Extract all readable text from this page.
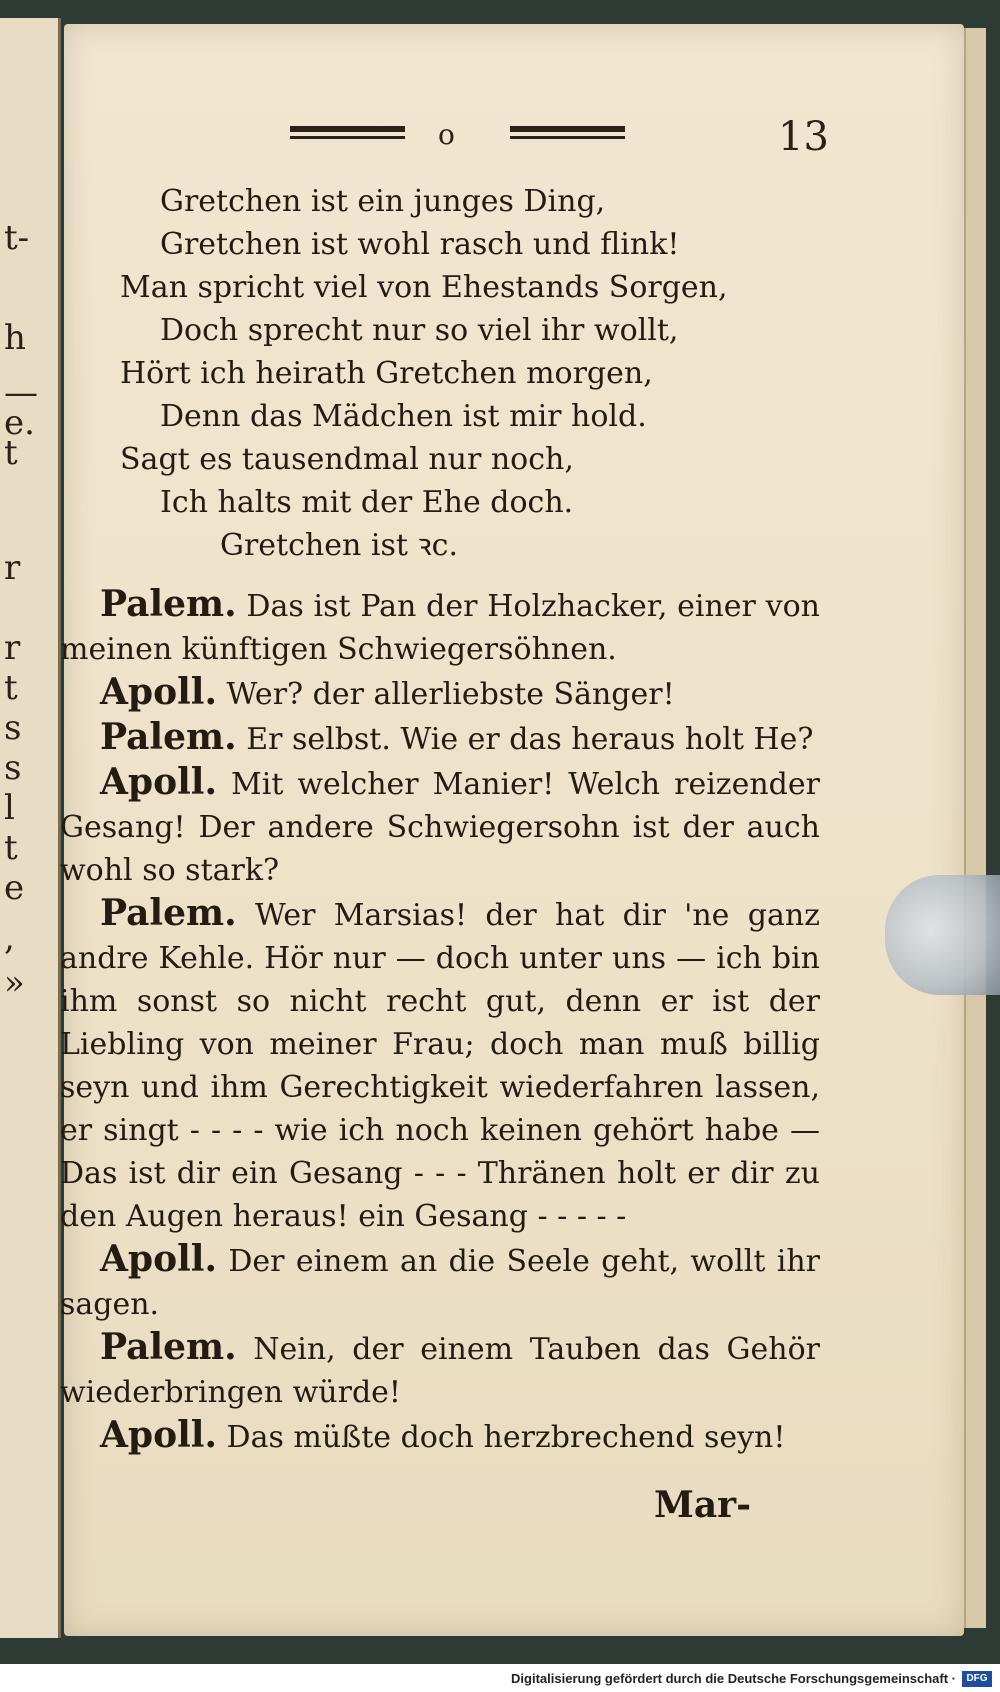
t-
h
—
e.
t
r
r
t
s
s
l
t
e
,
»
o	13
Gretchen ist ein junges Ding,
Gretchen ist wohl rasch und flink!
Man spricht viel von Ehestands Sorgen,
Doch sprecht nur so viel ihr wollt,
Hört ich heirath Gretchen morgen,
Denn das Mädchen ist mir hold.
Sagt es tausendmal nur noch,
Ich halts mit der Ehe doch.
Gretchen ist ꝛc.
Palem. Das ist Pan der Holzhacker, einer von meinen künftigen Schwiegersöhnen.
Apoll. Wer? der allerliebste Sänger!
Palem. Er selbst. Wie er das heraus holt He?
Apoll. Mit welcher Manier! Welch reizender Gesang! Der andere Schwiegersohn ist der auch wohl so stark?
Palem. Wer Marsias! der hat dir 'ne ganz andre Kehle. Hör nur — doch unter uns — ich bin ihm sonst so nicht recht gut, denn er ist der Liebling von meiner Frau; doch man muß billig seyn und ihm Gerechtigkeit wiederfahren lassen, er singt - - - - wie ich noch keinen gehört habe — Das ist dir ein Gesang - - - Thränen holt er dir zu den Augen heraus! ein Gesang - - - - -
Apoll. Der einem an die Seele geht, wollt ihr sagen.
Palem. Nein, der einem Tauben das Gehör wiederbringen würde!
Apoll. Das müßte doch herzbrechend seyn!
Mar-
Digitalisierung gefördert durch die Deutsche Forschungsgemeinschaft ·	DFG
